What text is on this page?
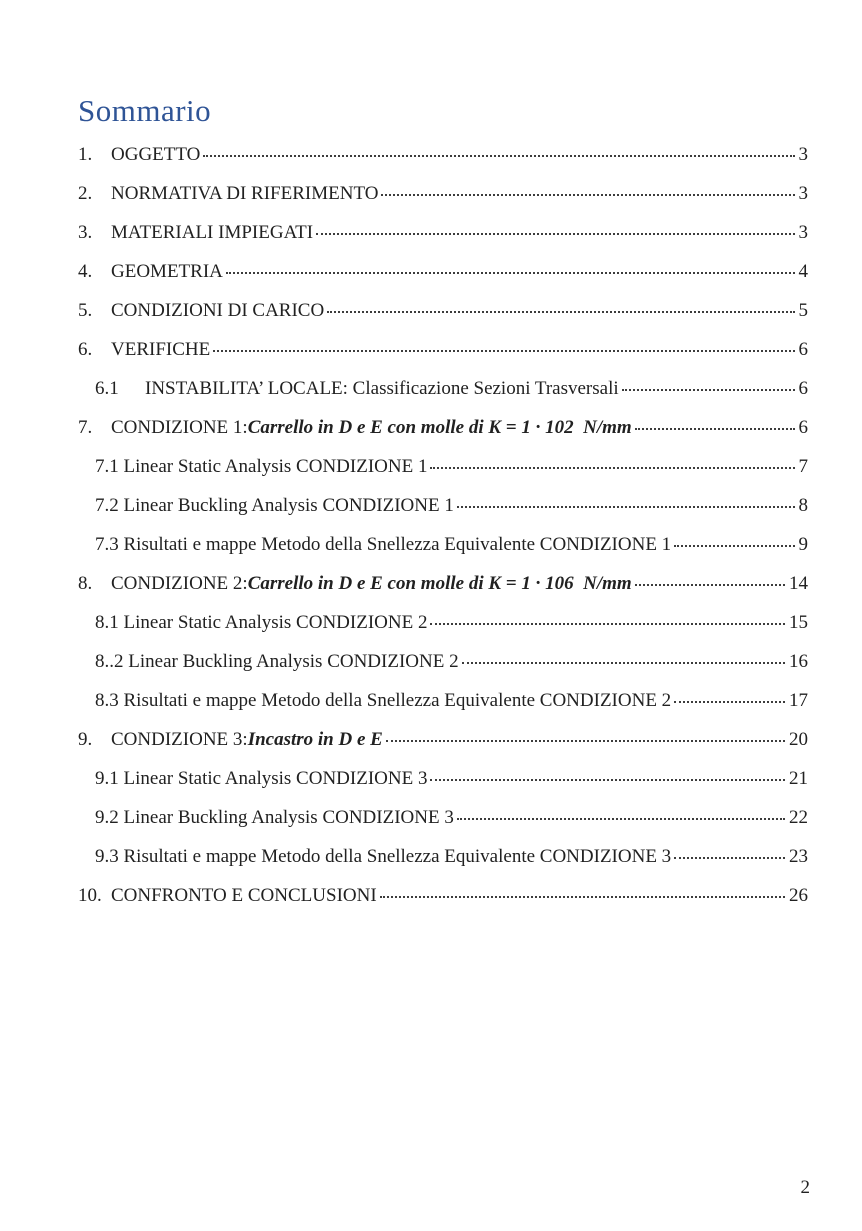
Sommario
1. OGGETTO	3
2. NORMATIVA DI RIFERIMENTO	3
3. MATERIALI IMPIEGATI	3
4. GEOMETRIA	4
5. CONDIZIONI DI CARICO	5
6. VERIFICHE	6
6.1	INSTABILITA’ LOCALE: Classificazione Sezioni Trasversali	6
7. CONDIZIONE 1: Carrello in D e E con molle di K = 1 · 102  N/mm	6
7.1 Linear Static Analysis CONDIZIONE 1	7
7.2 Linear Buckling Analysis CONDIZIONE 1	8
7.3 Risultati e mappe Metodo della Snellezza Equivalente CONDIZIONE 1	9
8. CONDIZIONE 2: Carrello in D e E con molle di K = 1 · 106  N/mm	14
8.1 Linear Static Analysis CONDIZIONE 2	15
8..2 Linear Buckling Analysis CONDIZIONE 2	16
8.3 Risultati e mappe Metodo della Snellezza Equivalente CONDIZIONE 2	17
9. CONDIZIONE 3: Incastro in D e E	20
9.1 Linear Static Analysis CONDIZIONE 3	21
9.2 Linear Buckling Analysis CONDIZIONE 3	22
9.3 Risultati e mappe Metodo della Snellezza Equivalente CONDIZIONE 3	23
10. CONFRONTO E CONCLUSIONI	26
2
